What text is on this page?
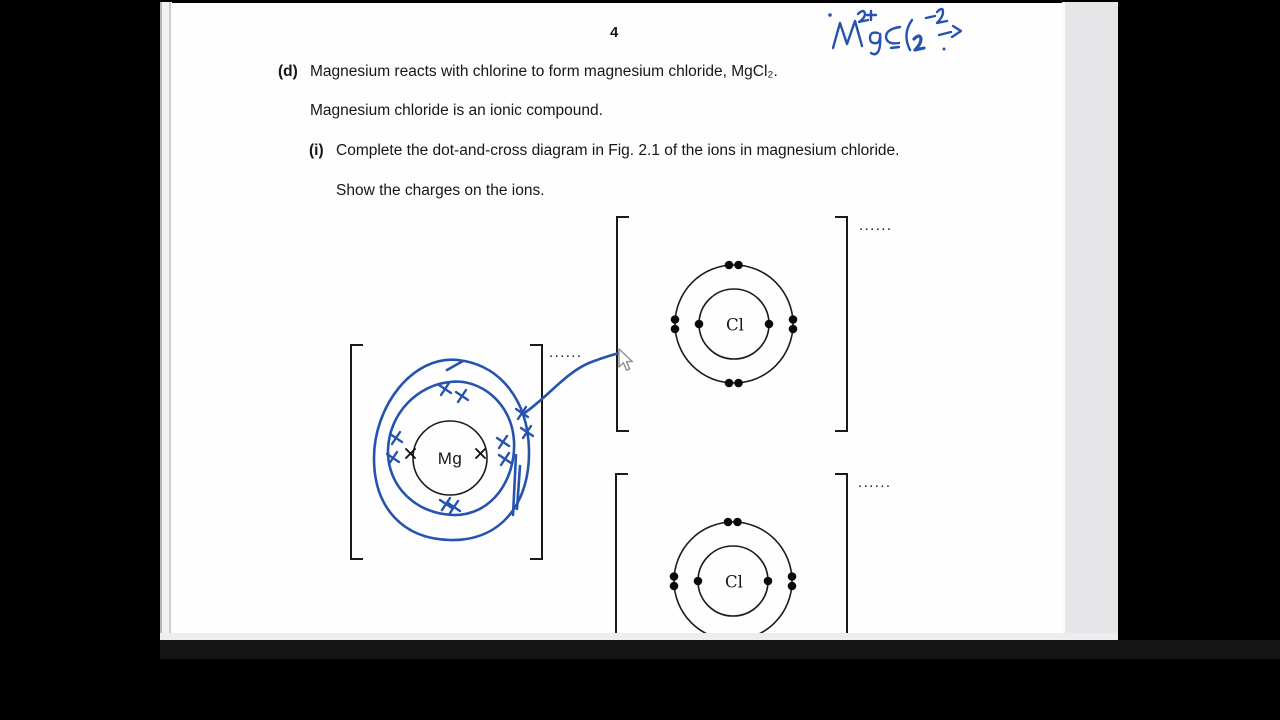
4
(d) Magnesium reacts with chlorine to form magnesium chloride, MgCl₂.
Magnesium chloride is an ionic compound.
(i) Complete the dot-and-cross diagram in Fig. 2.1 of the ions in magnesium chloride.
Show the charges on the ions.
Mg
Cl
Cl
......
......
......
